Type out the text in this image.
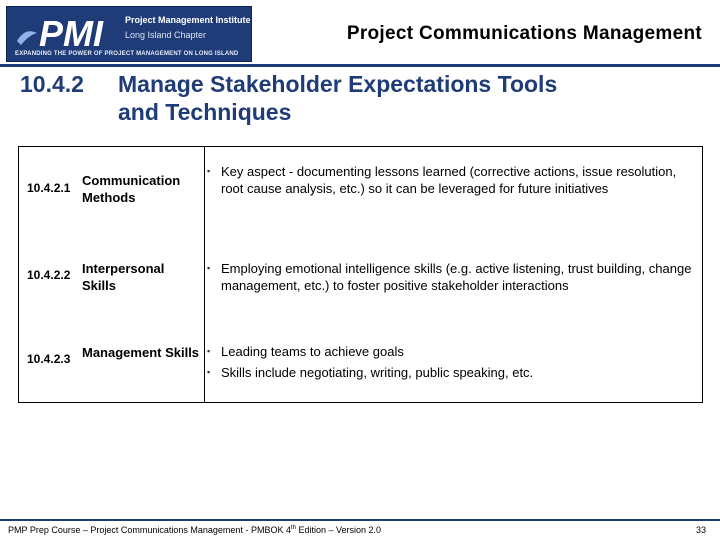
PMI Project Management Institute
Long Island Chapter
EXPANDING THE POWER OF PROJECT MANAGEMENT ON LONG ISLAND
Project Communications Management
10.4.2 Manage Stakeholder Expectations Tools
and Techniques
10.4.2.1 Communication Methods
▪ Key aspect - documenting lessons learned (corrective actions, issue resolution, root cause analysis, etc.) so it can be leveraged for future initiatives
10.4.2.2 Interpersonal Skills
▪ Employing emotional intelligence skills (e.g. active listening, trust building, change management, etc.) to foster positive stakeholder interactions
10.4.2.3 Management Skills ▪ Leading teams to achieve goals
▪ Skills include negotiating, writing, public speaking, etc.
PMP Prep Course – Project Communications Management - PMBOK 4th Edition – Version 2.0	33
